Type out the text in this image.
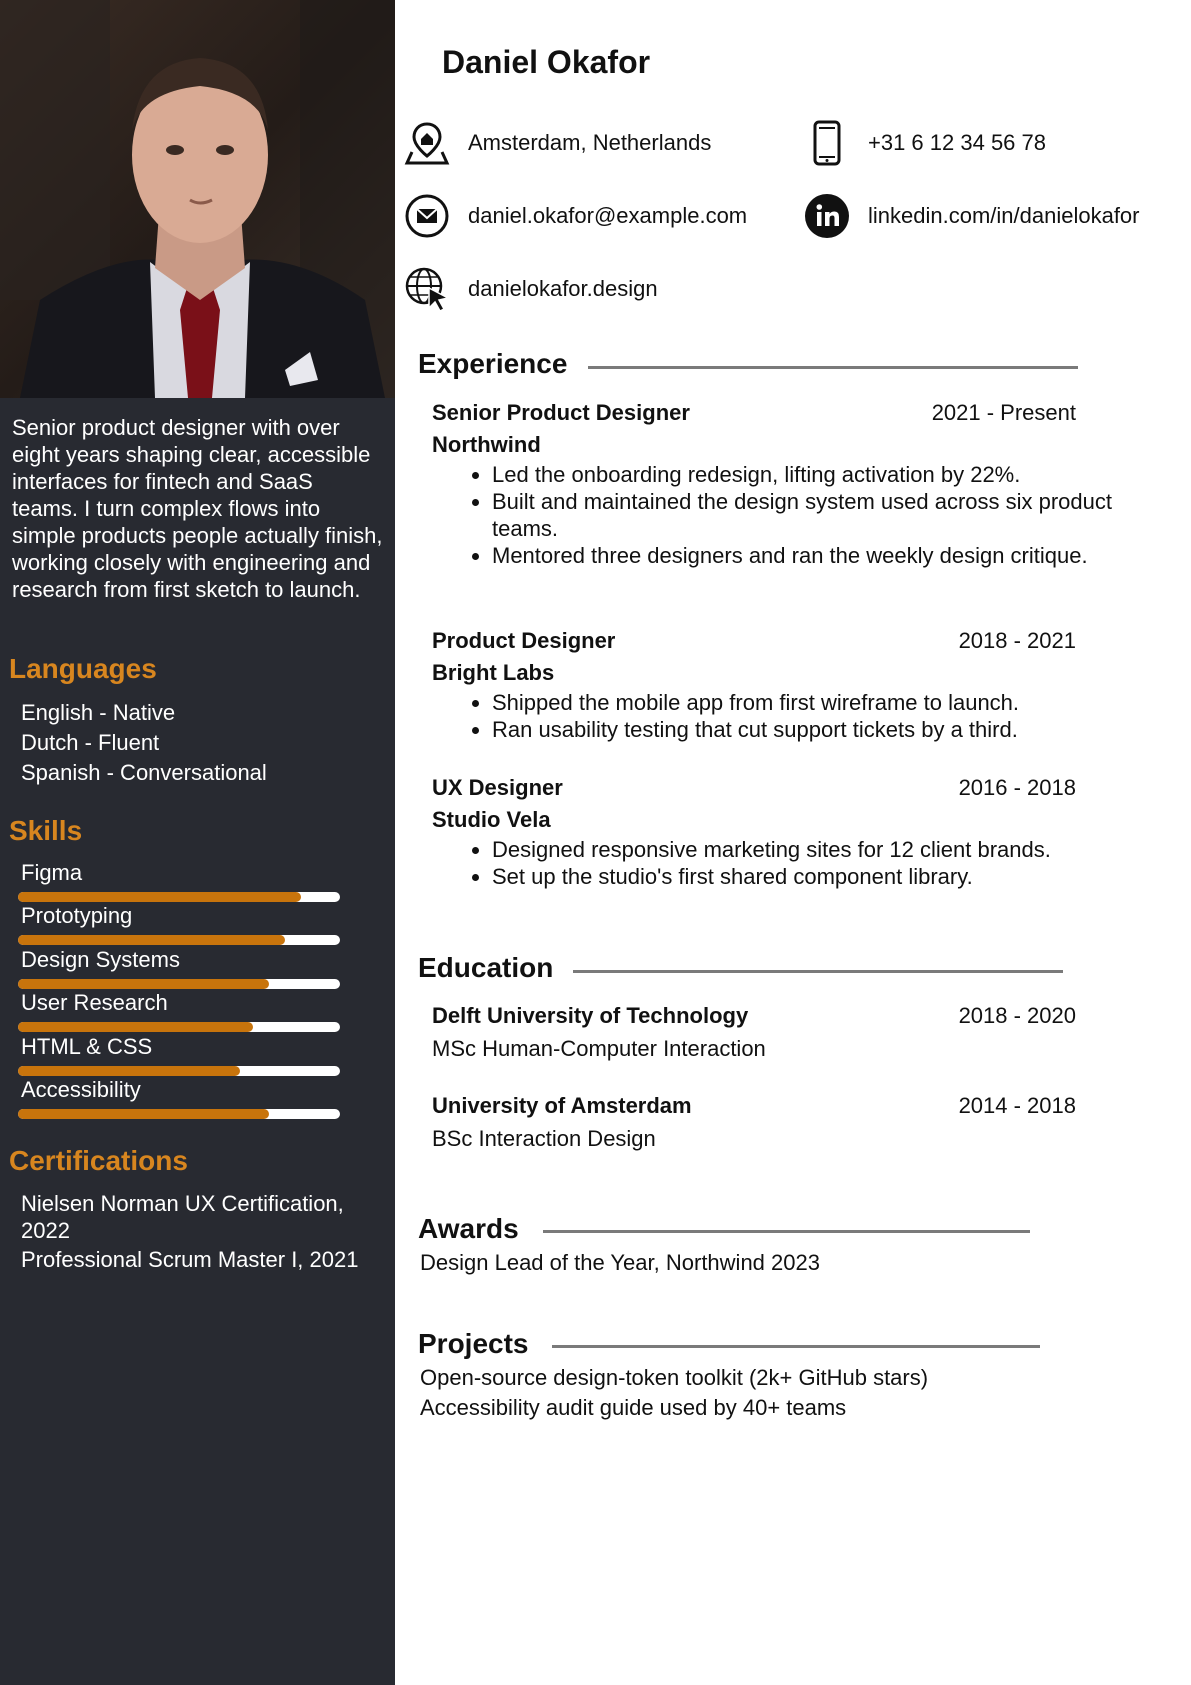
Senior product designer with over eight years shaping clear, accessible interfaces for fintech and SaaS teams. I turn complex flows into simple products people actually finish, working closely with engineering and research from first sketch to launch.

Languages
English - Native
Dutch - Fluent
Spanish - Conversational
Skills
Figma
Prototyping
Design Systems
User Research
HTML & CSS
Accessibility
Certifications
Nielsen Norman UX Certification, 2022
Professional Scrum Master I, 2021
Daniel Okafor
Amsterdam, Netherlands	+31 6 12 34 56 78
daniel.okafor@example.com	linkedin.com/in/danielokafor
danielokafor.design
Experience

Senior Product Designer	2021 - Present

Northwind

• Led the onboarding redesign, lifting activation by 22%.
• Built and maintained the design system used across six product teams.
• Mentored three designers and ran the weekly design critique.

Product Designer	2018 - 2021

Bright Labs

• Shipped the mobile app from first wireframe to launch.
• Ran usability testing that cut support tickets by a third.

UX Designer	2016 - 2018

Studio Vela

• Designed responsive marketing sites for 12 client brands.
• Set up the studio's first shared component library.
Education

Delft University of Technology	2018 - 2020

MSc Human-Computer Interaction

University of Amsterdam	2014 - 2018

BSc Interaction Design

Awards
Design Lead of the Year, Northwind 2023
Projects
Open-source design-token toolkit (2k+ GitHub stars)
Accessibility audit guide used by 40+ teams
